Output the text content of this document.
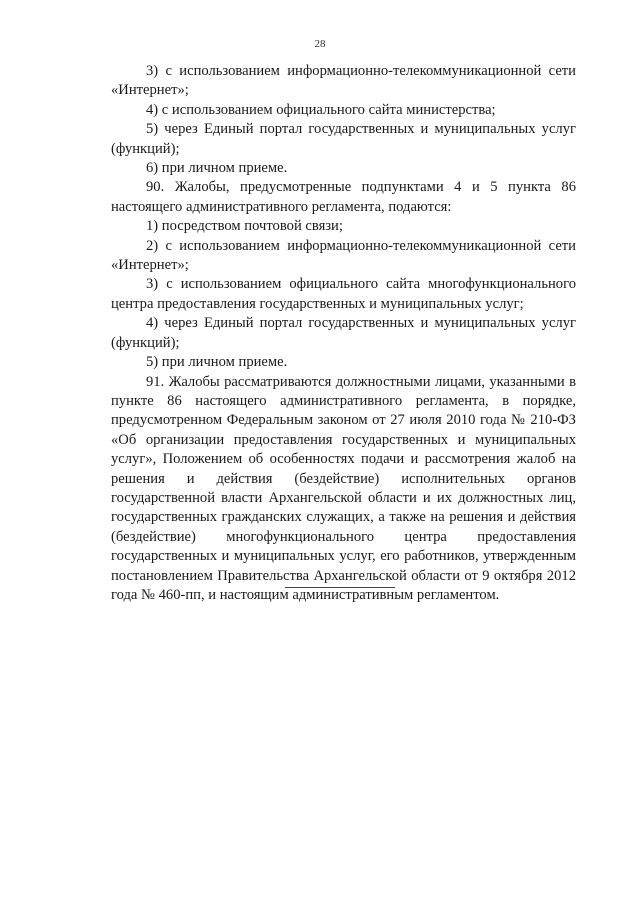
28

3) с использованием информационно-телекоммуникационной сети «Интернет»;

4) с использованием официального сайта министерства;

5) через Единый портал государственных и муниципальных услуг (функций);

6) при личном приеме.

90. Жалобы, предусмотренные подпунктами 4 и 5 пункта 86 настоящего административного регламента, подаются:

1) посредством почтовой связи;

2) с использованием информационно-телекоммуникационной сети «Интернет»;

3) с использованием официального сайта многофункционального центра предоставления государственных и муниципальных услуг;

4) через Единый портал государственных и муниципальных услуг (функций);

5) при личном приеме.

91. Жалобы рассматриваются должностными лицами, указанными в пункте 86 настоящего административного регламента, в порядке, предусмотренном Федеральным законом от 27 июля 2010 года № 210-ФЗ «Об организации предоставления государственных и муниципальных услуг», Положением об особенностях подачи и рассмотрения жалоб на решения и действия (бездействие) исполнительных органов государственной власти Архангельской области и их должностных лиц, государственных гражданских служащих, а также на решения и действия (бездействие) многофункционального центра предоставления государственных и муниципальных услуг, его работников, утвержденным постановлением Правительства Архангельской области от 9 октября 2012 года № 460-пп, и настоящим административным регламентом.
